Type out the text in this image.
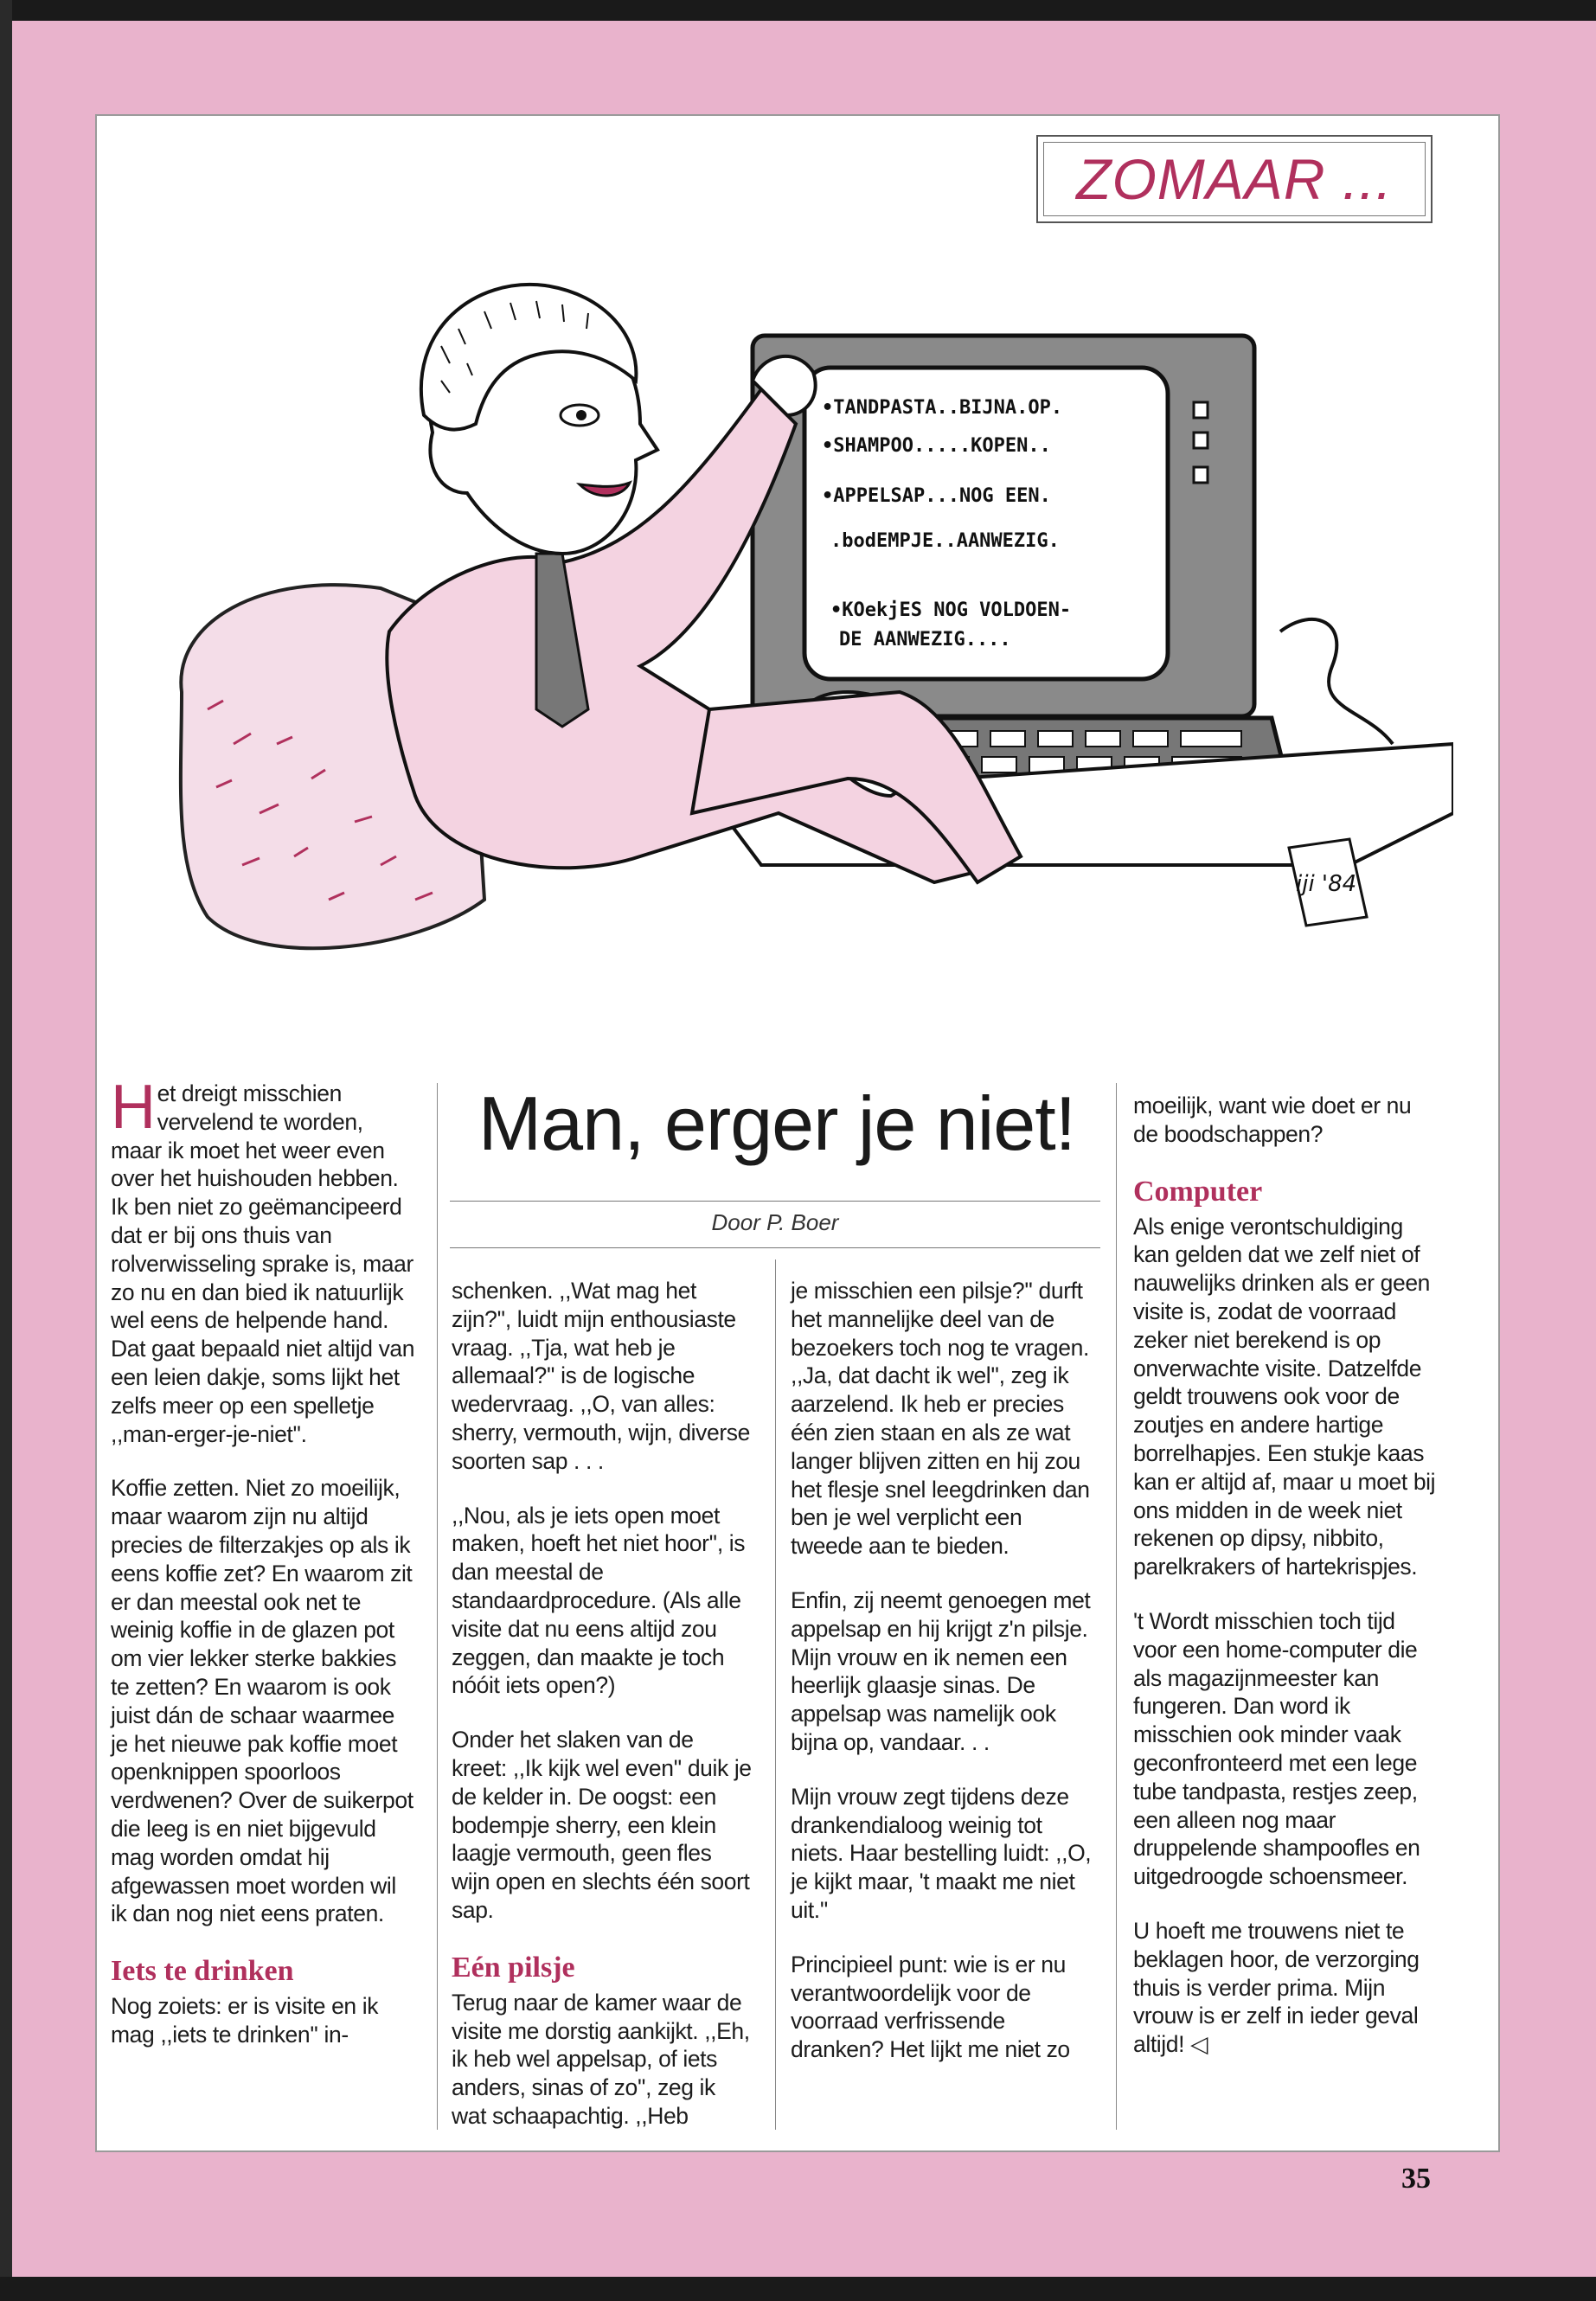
ZOMAAR ...
•TANDPASTA..BIJNA.OP.
•SHAMPOO.....KOPEN..
•APPELSAP...NOG EEN.
.bodEMPJE..AANWEZIG.
•KOekjES NOG VOLDOEN-
DE AANWEZIG....
iji '84
Man, erger je niet!
Door P. Boer

Het dreigt misschien vervelend te worden, maar ik moet het weer even over het huishouden hebben. Ik ben niet zo geëmancipeerd dat er bij ons thuis van rolverwisseling sprake is, maar zo nu en dan bied ik natuurlijk wel eens de helpende hand. Dat gaat bepaald niet altijd van een leien dakje, soms lijkt het zelfs meer op een spelletje ,,man-erger-je-niet''.

Koffie zetten. Niet zo moeilijk, maar waarom zijn nu altijd precies de filterzakjes op als ik eens koffie zet? En waarom zit er dan meestal ook net te weinig koffie in de glazen pot om vier lekker sterke bakkies te zetten? En waarom is ook juist dán de schaar waarmee je het nieuwe pak koffie moet openknippen spoorloos verdwenen? Over de suikerpot die leeg is en niet bijgevuld mag worden omdat hij afgewassen moet worden wil ik dan nog niet eens praten.

Iets te drinken

Nog zoiets: er is visite en ik mag ,,iets te drinken'' in-

schenken. ,,Wat mag het zijn?'', luidt mijn enthousiaste vraag. ,,Tja, wat heb je allemaal?'' is de logische wedervraag. ,,O, van alles: sherry, vermouth, wijn, diverse soorten sap . . .

,,Nou, als je iets open moet maken, hoeft het niet hoor'', is dan meestal de standaardprocedure. (Als alle visite dat nu eens altijd zou zeggen, dan maakte je toch nóóit iets open?)

Onder het slaken van de kreet: ,,Ik kijk wel even'' duik je de kelder in. De oogst: een bodempje sherry, een klein laagje vermouth, geen fles wijn open en slechts één soort sap.

Eén pilsje

Terug naar de kamer waar de visite me dorstig aankijkt. ,,Eh, ik heb wel appelsap, of iets anders, sinas of zo'', zeg ik wat schaapachtig. ,,Heb

je misschien een pilsje?'' durft het mannelijke deel van de bezoekers toch nog te vragen. ,,Ja, dat dacht ik wel'', zeg ik aarzelend. Ik heb er precies één zien staan en als ze wat langer blijven zitten en hij zou het flesje snel leegdrinken dan ben je wel verplicht een tweede aan te bieden.

Enfin, zij neemt genoegen met appelsap en hij krijgt z'n pilsje. Mijn vrouw en ik nemen een heerlijk glaasje sinas. De appelsap was namelijk ook bijna op, vandaar. . .

Mijn vrouw zegt tijdens deze drankendialoog weinig tot niets. Haar bestelling luidt: ,,O, je kijkt maar, 't maakt me niet uit.''

Principieel punt: wie is er nu verantwoordelijk voor de voorraad verfrissende dranken? Het lijkt me niet zo

moeilijk, want wie doet er nu de boodschappen?

Computer

Als enige verontschuldiging kan gelden dat we zelf niet of nauwelijks drinken als er geen visite is, zodat de voorraad zeker niet berekend is op onverwachte visite. Datzelfde geldt trouwens ook voor de zoutjes en andere hartige borrelhapjes. Een stukje kaas kan er altijd af, maar u moet bij ons midden in de week niet rekenen op dipsy, nibbito, parelkrakers of hartekrispjes.

't Wordt misschien toch tijd voor een home-computer die als magazijnmeester kan fungeren. Dan word ik misschien ook minder vaak geconfronteerd met een lege tube tandpasta, restjes zeep, een alleen nog maar druppelende shampoofles en uitgedroogde schoensmeer.

U hoeft me trouwens niet te beklagen hoor, de verzorging thuis is verder prima. Mijn vrouw is er zelf in ieder geval altijd! ◁

35
